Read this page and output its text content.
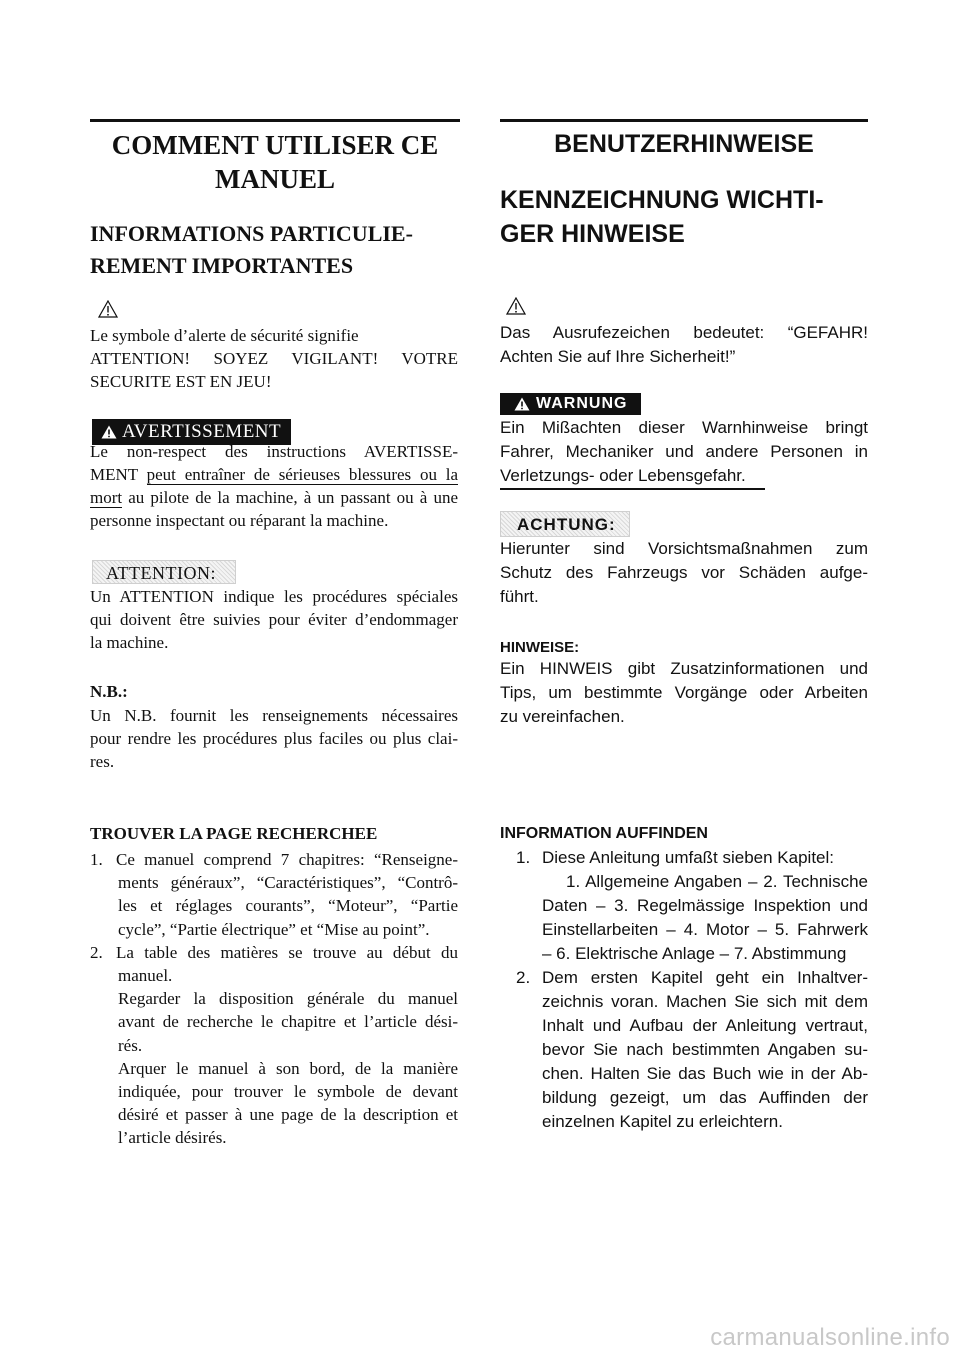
COMMENT UTILISER CE
MANUEL
INFORMATIONS PARTICULIE-
REMENT IMPORTANTES
Le symbole d’alerte de sécurité signifie
ATTENTION! SOYEZ VIGILANT! VOTRE
SECURITE EST EN JEU!
AVERTISSEMENT
Le non-respect des instructions AVERTISSE-
MENT peut entraîner de sérieuses blessures ou la
mort au pilote de la machine, à un passant ou à une
personne inspectant ou réparant la machine.
ATTENTION:
Un ATTENTION indique les procédures spéciales
qui doivent être suivies pour éviter d’endommager
la machine.
N.B.:
Un N.B. fournit les renseignements nécessaires
pour rendre les procédures plus faciles ou plus clai-
res.
TROUVER LA PAGE RECHERCHEE
1. Ce manuel comprend 7 chapitres: “Renseigne-
ments généraux”, “Caractéristiques”, “Contrô-
les et réglages courants”, “Moteur”, “Partie
cycle”, “Partie électrique” et “Mise au point”.
2. La table des matières se trouve au début du
manuel.
Regarder la disposition générale du manuel
avant de recherche le chapitre et l’article dési-
rés.
Arquer le manuel à son bord, de la manière
indiquée, pour trouver le symbole de devant
désiré et passer à une page de la description et
l’article désirés.
BENUTZERHINWEISE
KENNZEICHNUNG WICHTI-
GER HINWEISE
Das Ausrufezeichen bedeutet: “GEFAHR!
Achten Sie auf Ihre Sicherheit!”
WARNUNG
Ein Mißachten dieser Warnhinweise bringt
Fahrer, Mechaniker und andere Personen in
Verletzungs- oder Lebensgefahr.
ACHTUNG:
Hierunter sind Vorsichtsmaßnahmen zum
Schutz des Fahrzeugs vor Schäden aufge-
führt.
HINWEISE:
Ein HINWEIS gibt Zusatzinformationen und
Tips, um bestimmte Vorgänge oder Arbeiten
zu vereinfachen.
INFORMATION AUFFINDEN
1. Diese Anleitung umfaßt sieben Kapitel:
1. Allgemeine Angaben – 2. Technische
Daten – 3. Regelmässige Inspektion und
Einstellarbeiten – 4. Motor – 5. Fahrwerk
– 6. Elektrische Anlage – 7. Abstimmung
2. Dem ersten Kapitel geht ein Inhaltver-
zeichnis voran. Machen Sie sich mit dem
Inhalt und Aufbau der Anleitung vertraut,
bevor Sie nach bestimmten Angaben su-
chen. Halten Sie das Buch wie in der Ab-
bildung gezeigt, um das Auffinden der
einzelnen Kapitel zu erleichtern.
carmanualsonline.info
